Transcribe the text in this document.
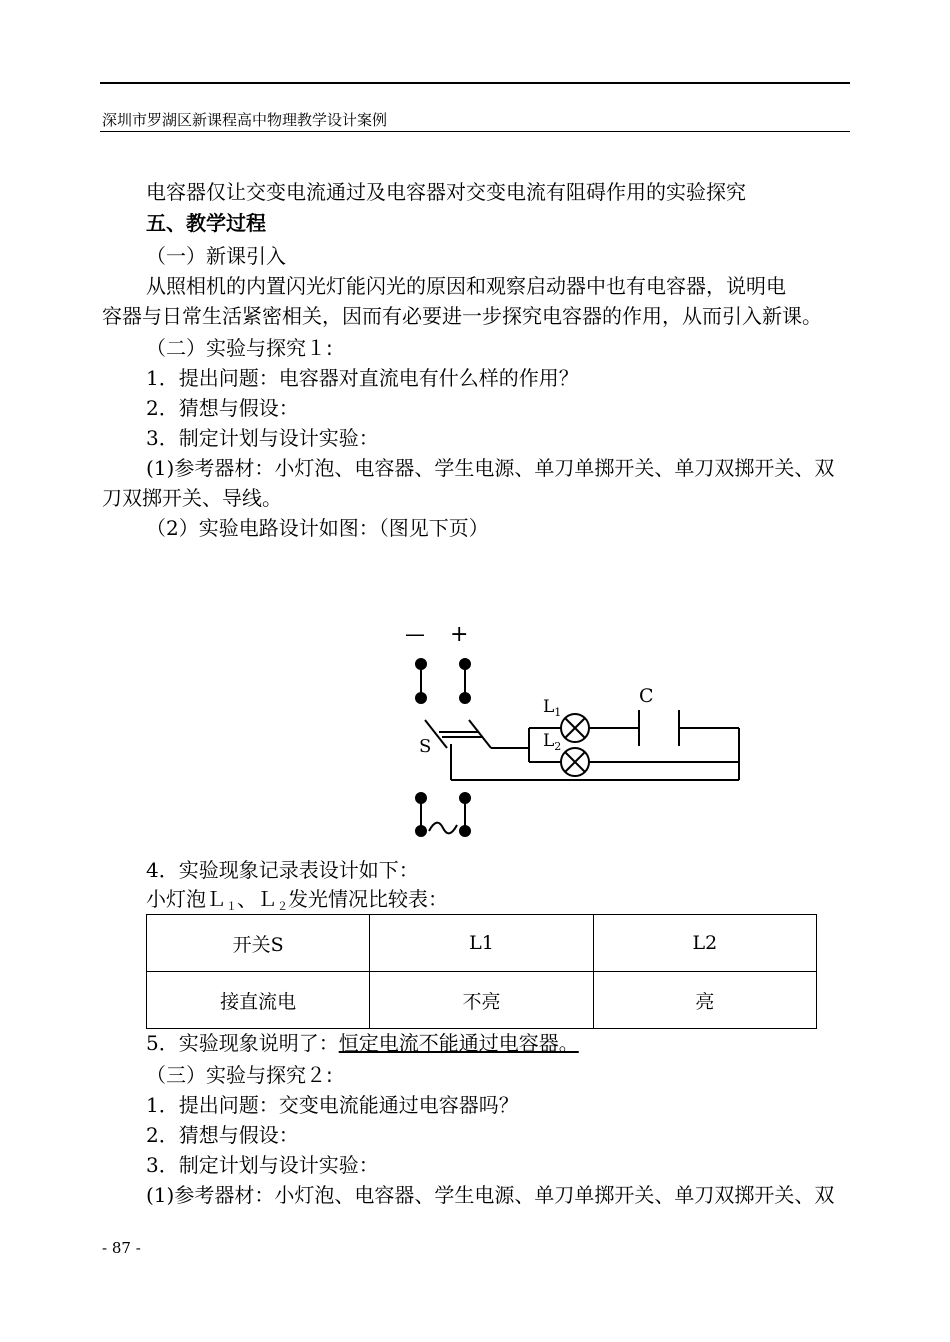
深圳市罗湖区新课程高中物理教学设计案例
电容器仅让交变电流通过及电容器对交变电流有阻碍作用的实验探究
五、教学过程
（一）新课引入
从照相机的内置闪光灯能闪光的原因和观察启动器中也有电容器，说明电
容器与日常生活紧密相关，因而有必要进一步探究电容器的作用，从而引入新课。
（二）实验与探究１:
1．提出问题：电容器对直流电有什么样的作用？
2．猜想与假设：
3．制定计划与设计实验：
(1)参考器材：小灯泡、电容器、学生电源、单刀单掷开关、单刀双掷开关、双
刀双掷开关、导线。
（2）实验电路设计如图：（图见下页）
— +
S
$L_1$
$L_2$
C
4．实验现象记录表设计如下：
小灯泡Ｌ$_1$、Ｌ$_2$发光情况比较表：
开关S	L1	L2
接直流电	不亮	亮
5．实验现象说明了：恒定电流不能通过电容器。
（三）实验与探究２:
1．提出问题：交变电流能通过电容器吗？
2．猜想与假设：
3．制定计划与设计实验：
(1)参考器材：小灯泡、电容器、学生电源、单刀单掷开关、单刀双掷开关、双
- 87 -
